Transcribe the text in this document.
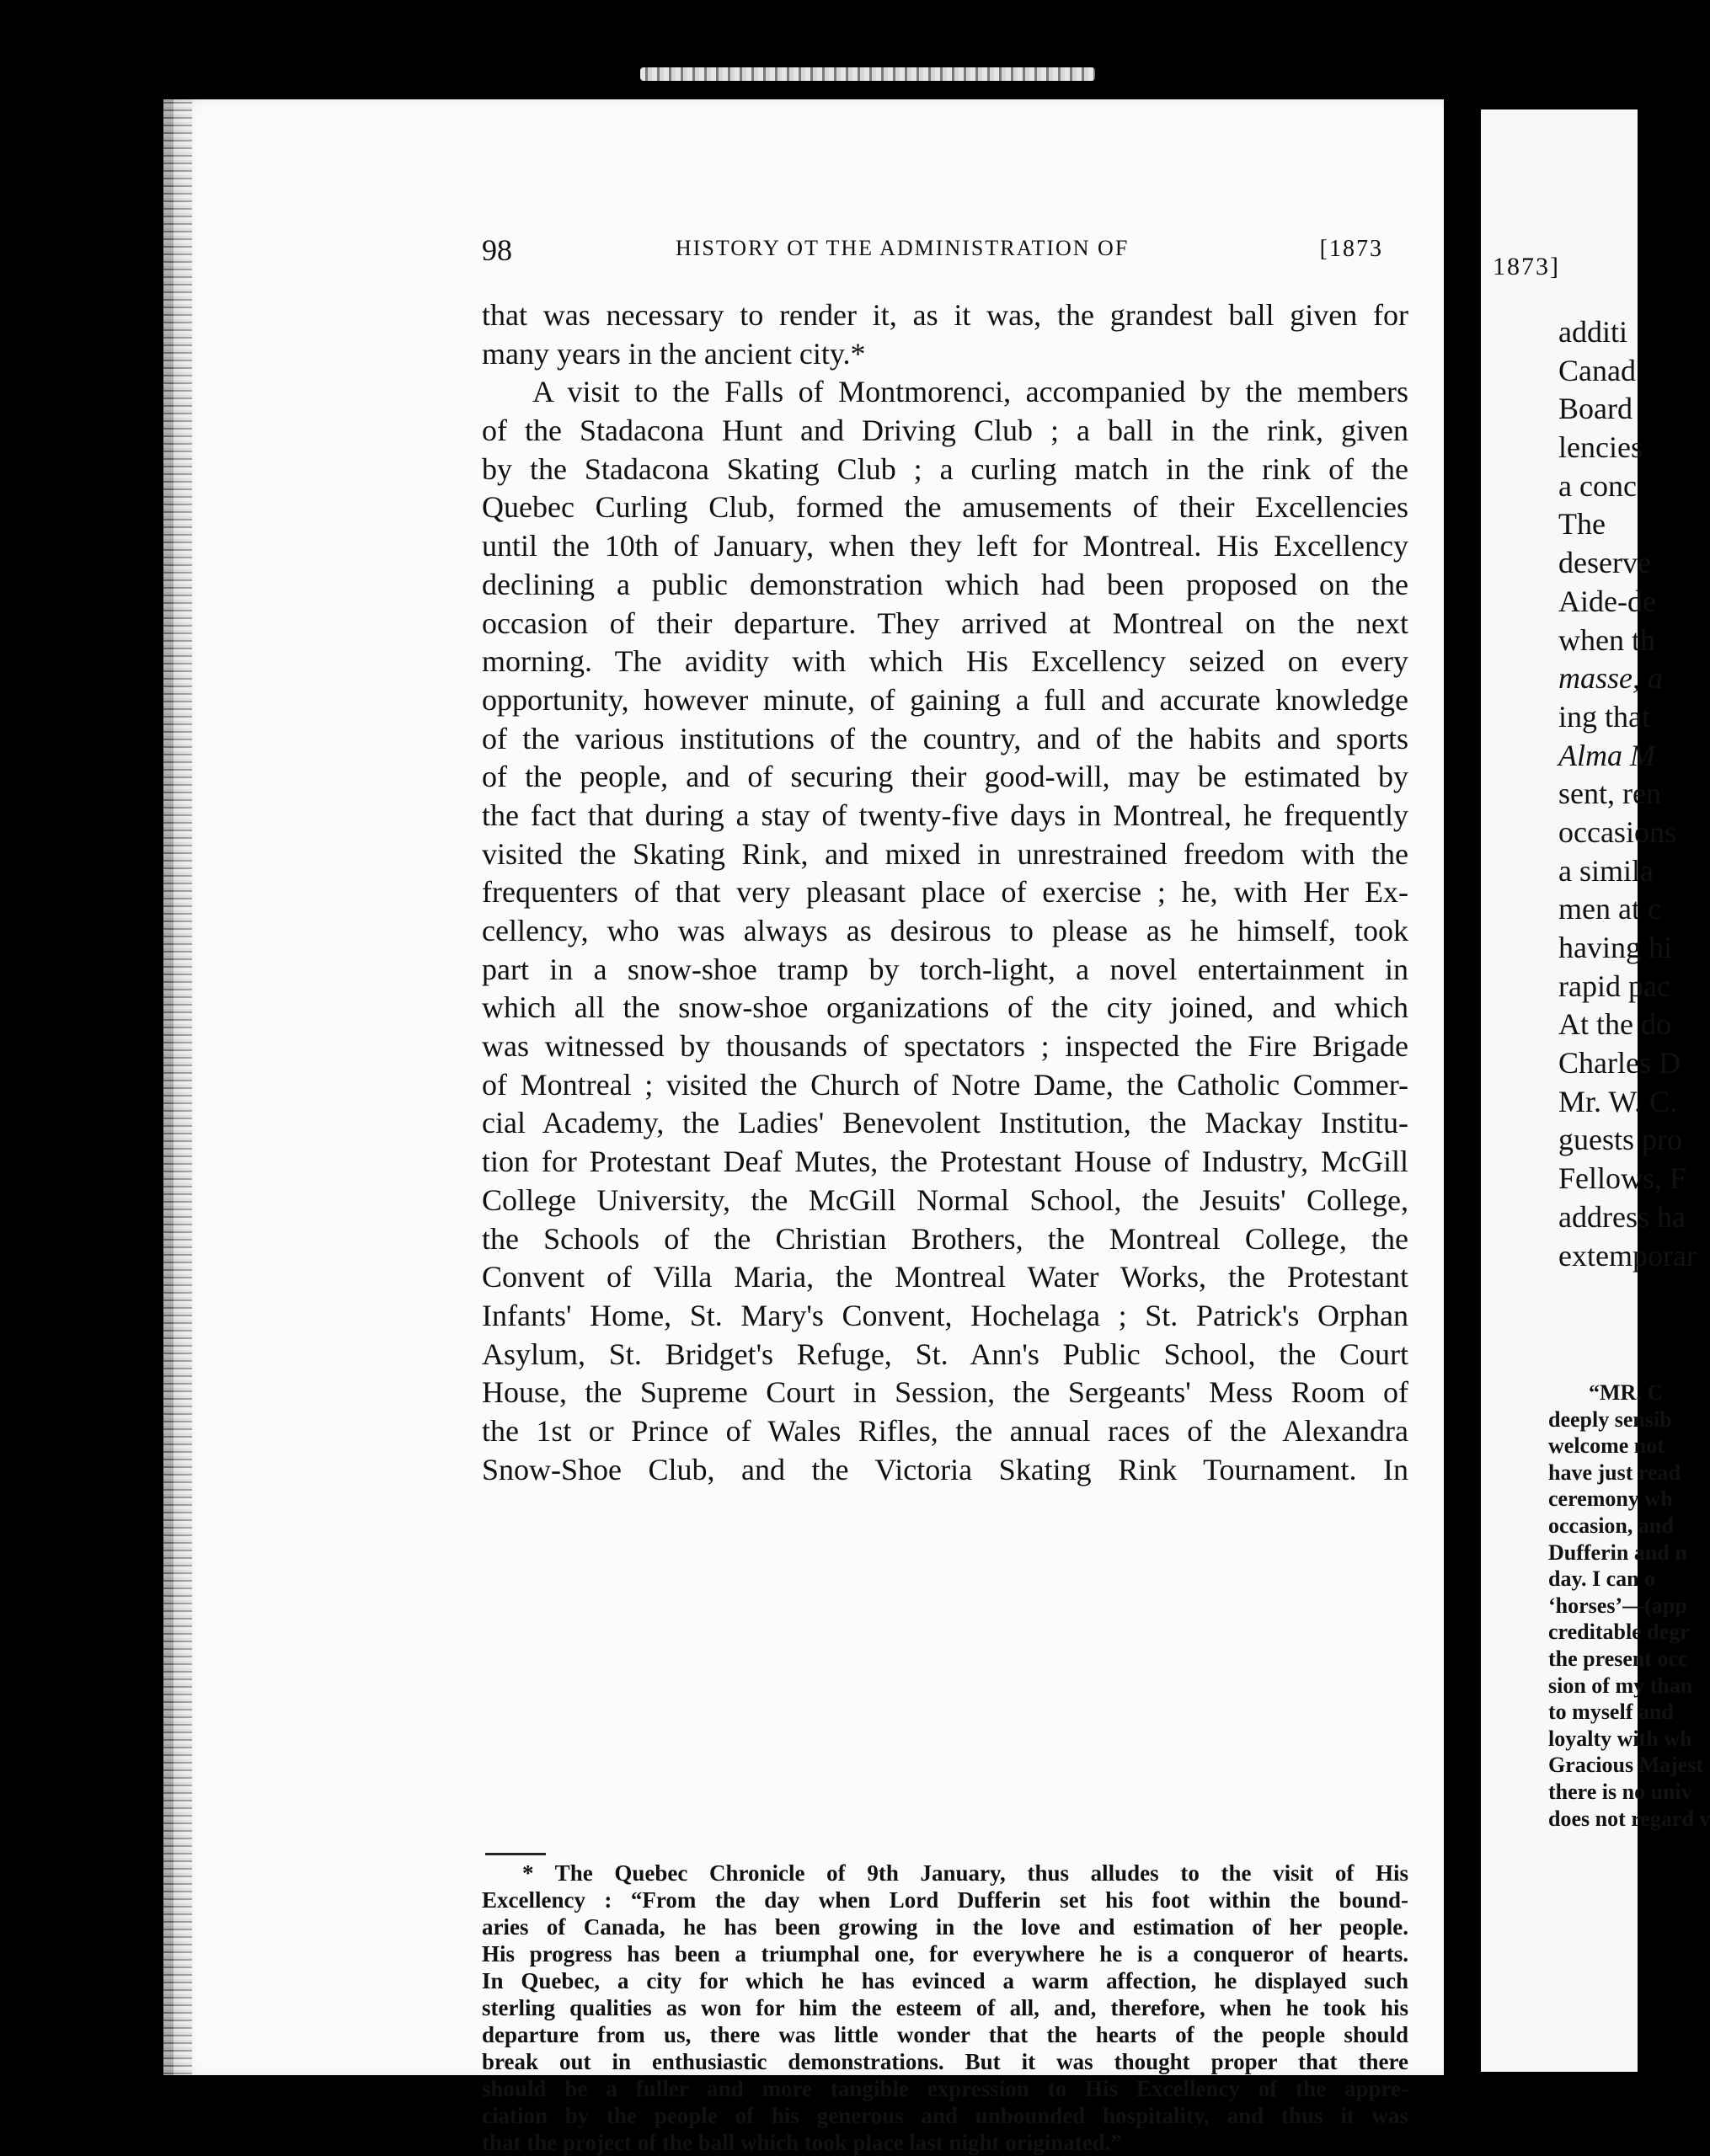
98	HISTORY OT THE ADMINISTRATION OF	[1873
that was necessary to render it, as it was, the grandest ball given for
many years in the ancient city.*
A visit to the Falls of Montmorenci, accompanied by the members
of the Stadacona Hunt and Driving Club ; a ball in the rink, given
by the Stadacona Skating Club ; a curling match in the rink of the
Quebec Curling Club, formed the amusements of their Excellencies
until the 10th of January, when they left for Montreal. His Excellency
declining a public demonstration which had been proposed on the
occasion of their departure. They arrived at Montreal on the next
morning. The avidity with which His Excellency seized on every
opportunity, however minute, of gaining a full and accurate knowledge
of the various institutions of the country, and of the habits and sports
of the people, and of securing their good-will, may be estimated by
the fact that during a stay of twenty-five days in Montreal, he frequently
visited the Skating Rink, and mixed in unrestrained freedom with the
frequenters of that very pleasant place of exercise ; he, with Her Ex-
cellency, who was always as desirous to please as he himself, took
part in a snow-shoe tramp by torch-light, a novel entertainment in
which all the snow-shoe organizations of the city joined, and which
was witnessed by thousands of spectators ; inspected the Fire Brigade
of Montreal ; visited the Church of Notre Dame, the Catholic Commer-
cial Academy, the Ladies' Benevolent Institution, the Mackay Institu-
tion for Protestant Deaf Mutes, the Protestant House of Industry, McGill
College University, the McGill Normal School, the Jesuits' College,
the Schools of the Christian Brothers, the Montreal College, the
Convent of Villa Maria, the Montreal Water Works, the Protestant
Infants' Home, St. Mary's Convent, Hochelaga ; St. Patrick's Orphan
Asylum, St. Bridget's Refuge, St. Ann's Public School, the Court
House, the Supreme Court in Session, the Sergeants' Mess Room of
the 1st or Prince of Wales Rifles, the annual races of the Alexandra
Snow-Shoe Club, and the Victoria Skating Rink Tournament. In
* The Quebec Chronicle of 9th January, thus alludes to the visit of His
Excellency : “From the day when Lord Dufferin set his foot within the bound-
aries of Canada, he has been growing in the love and estimation of her people.
His progress has been a triumphal one, for everywhere he is a conqueror of hearts.
In Quebec, a city for which he has evinced a warm affection, he displayed such
sterling qualities as won for him the esteem of all, and, therefore, when he took his
departure from us, there was little wonder that the hearts of the people should
break out in enthusiastic demonstrations. But it was thought proper that there
should be a fuller and more tangible expression to His Excellency of the appre-
ciation by the people of his generous and unbounded hospitality, and thus it was
that the project of the ball which took place last night originated.”
1873]
additi
Canad
Board
lencies
a conc
The
deserve
Aide-de
when th
masse, a
ing that
Alma M
sent, ren
occasions
a simila
men at c
having hi
rapid pac
At the do
Charles D
Mr. W. C.
guests pro
Fellows, F
address ha
extemporar
“MR. C
deeply sensib
welcome not
have just read
ceremony wh
occasion, and
Dufferin and n
day. I can o
‘horses’—(app
creditable degr
the present occ
sion of my than
to myself and
loyalty with wh
Gracious Majest
there is no univ
does not regard v
